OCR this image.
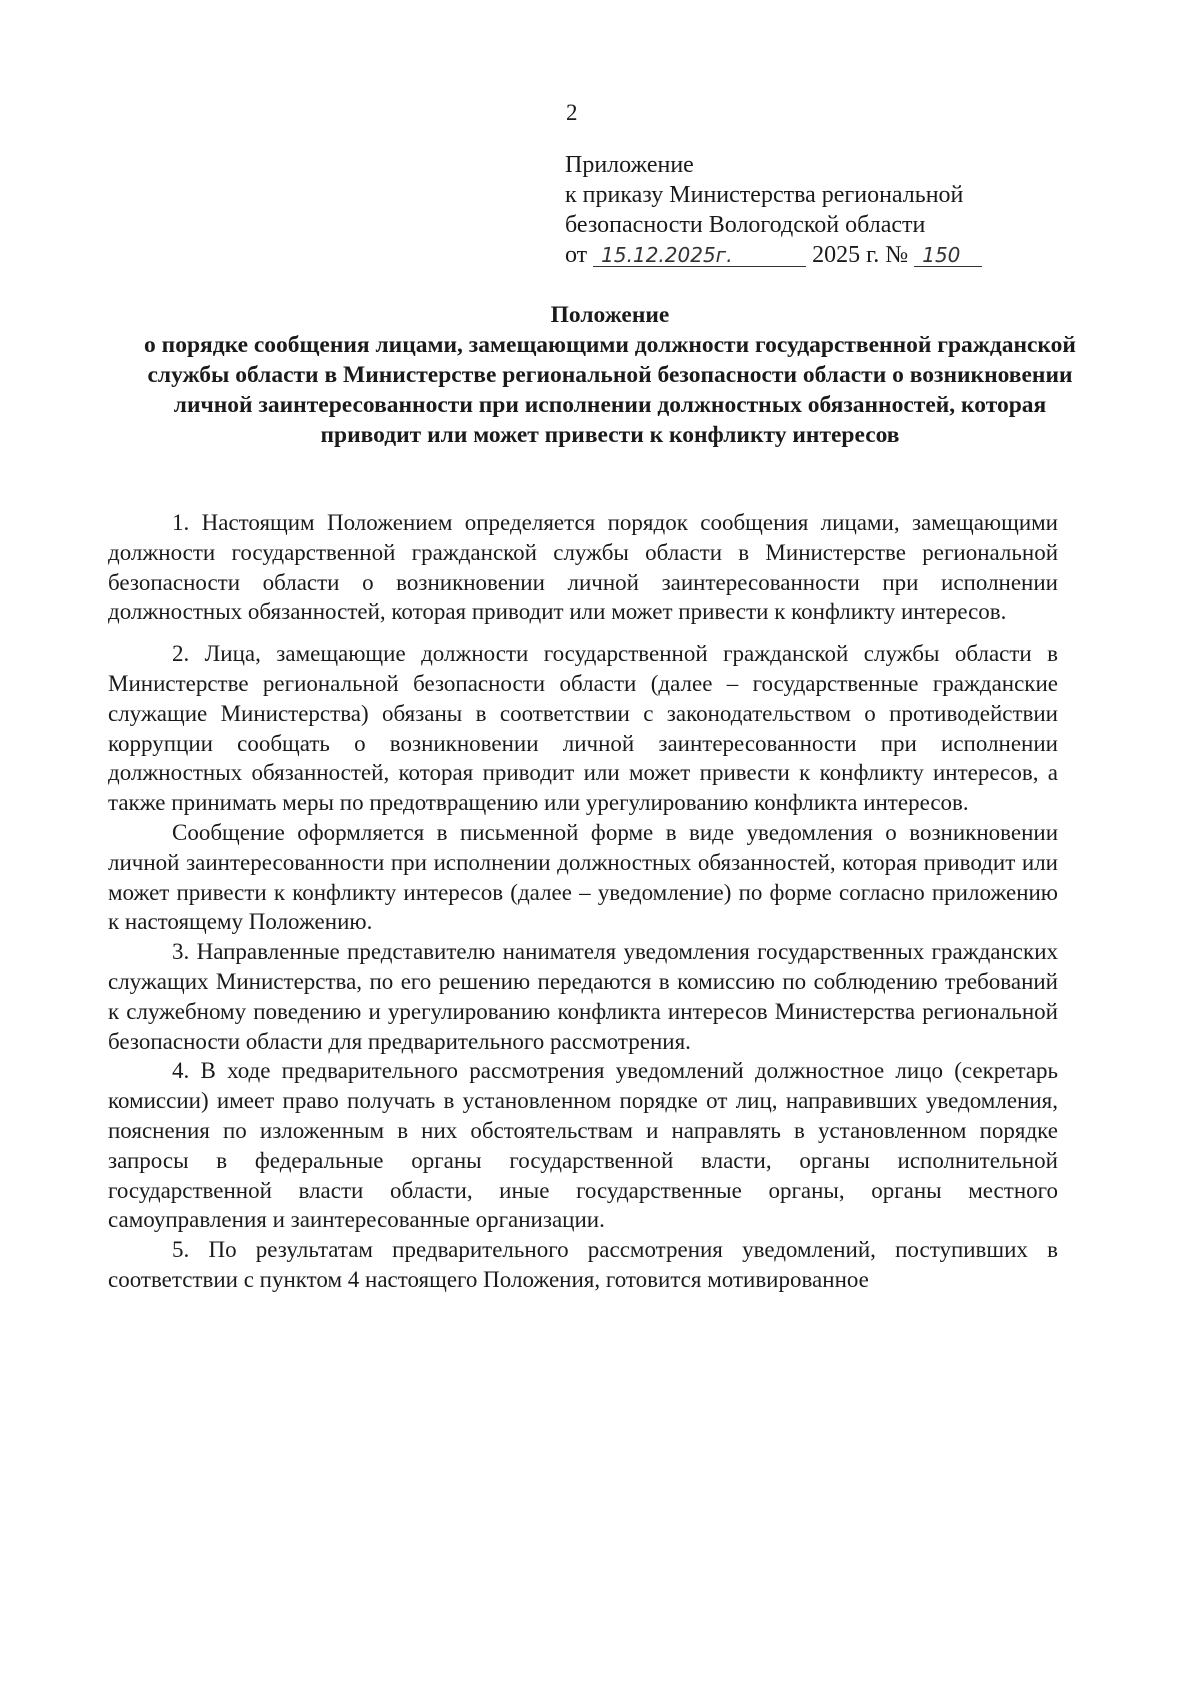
2
Приложение
к приказу Министерства региональной
безопасности Вологодской области
от 15.12.2025г.	2025 г. № 150
Положение
о порядке сообщения лицами, замещающими должности государственной гражданской службы области в Министерстве региональной безопасности области о возникновении личной заинтересованности при исполнении должностных обязанностей, которая приводит или может привести к конфликту интересов

1. Настоящим Положением определяется порядок сообщения лицами, замещающими должности государственной гражданской службы области в Министерстве региональной безопасности области о возникновении личной заинтересованности при исполнении должностных обязанностей, которая приводит или может привести к конфликту интересов.

2. Лица, замещающие должности государственной гражданской службы области в Министерстве региональной безопасности области (далее – государственные гражданские служащие Министерства) обязаны в соответствии с законодательством о противодействии коррупции сообщать о возникновении личной заинтересованности при исполнении должностных обязанностей, которая приводит или может привести к конфликту интересов, а также принимать меры по предотвращению или урегулированию конфликта интересов.

Сообщение оформляется в письменной форме в виде уведомления о возникновении личной заинтересованности при исполнении должностных обязанностей, которая приводит или может привести к конфликту интересов (далее – уведомление) по форме согласно приложению к настоящему Положению.

3. Направленные представителю нанимателя уведомления государственных гражданских служащих Министерства, по его решению передаются в комиссию по соблюдению требований к служебному поведению и урегулированию конфликта интересов Министерства региональной безопасности области для предварительного рассмотрения.

4. В ходе предварительного рассмотрения уведомлений должностное лицо (секретарь комиссии) имеет право получать в установленном порядке от лиц, направивших уведомления, пояснения по изложенным в них обстоятельствам и направлять в установленном порядке запросы в федеральные органы государственной власти, органы исполнительной государственной власти области, иные государственные органы, органы местного самоуправления и заинтересованные организации.

5. По результатам предварительного рассмотрения уведомлений, поступивших в соответствии с пунктом 4 настоящего Положения, готовится мотивированное
